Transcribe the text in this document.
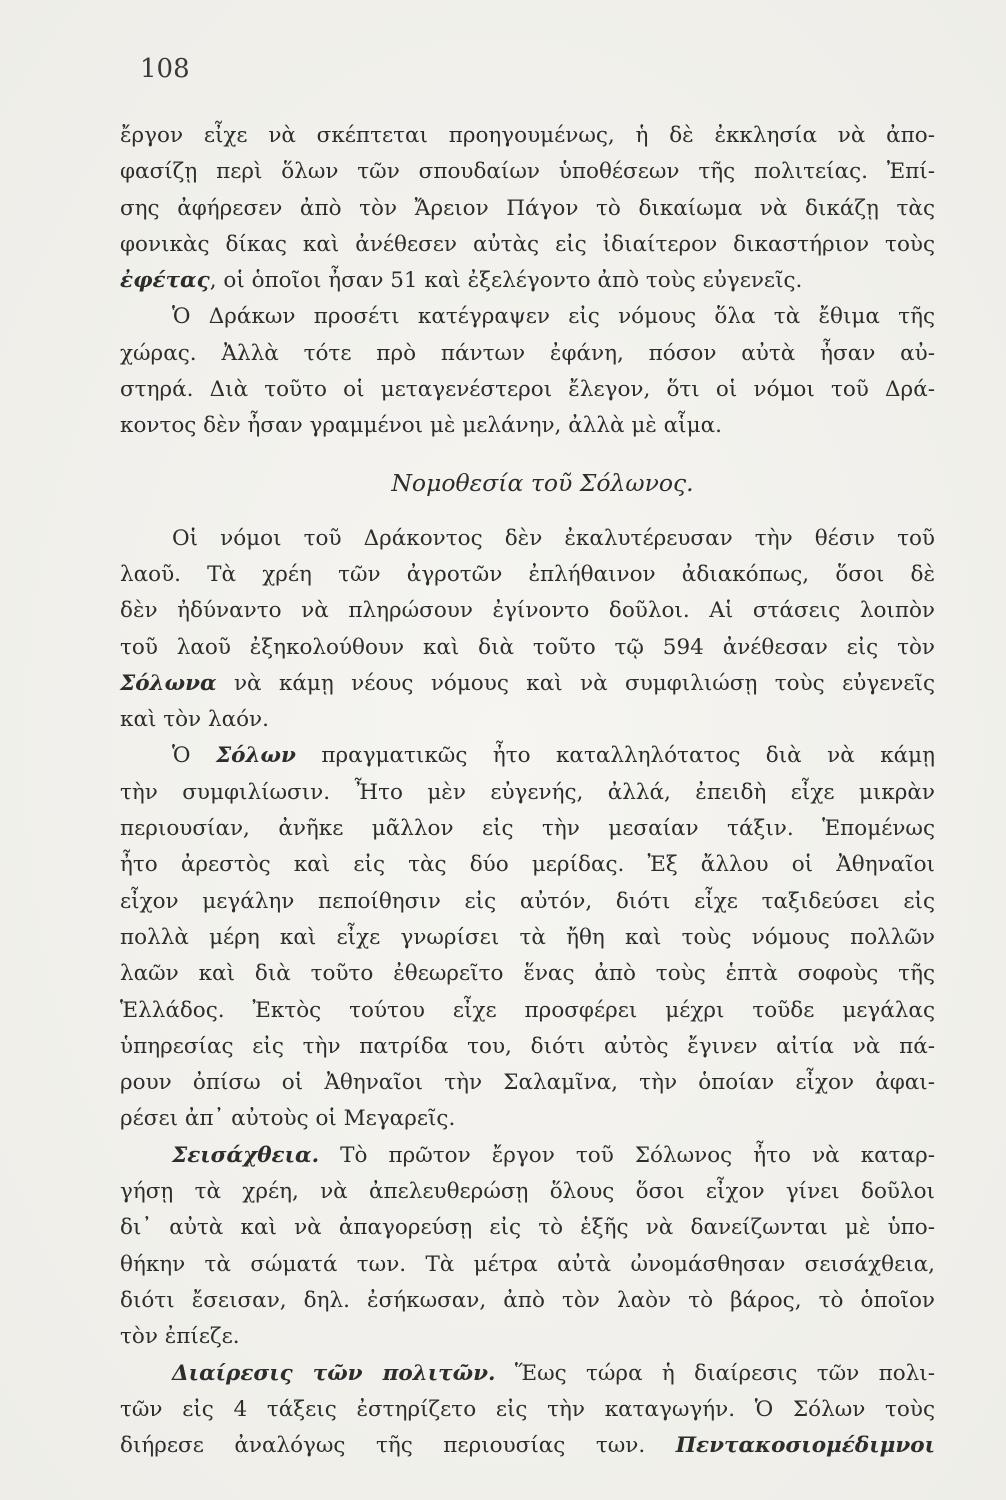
108
ἔργον εἶχε νὰ σκέπτεται προηγουμένως, ἡ δὲ ἐκκλησία νὰ ἀπο-
φασίζῃ περὶ ὅλων τῶν σπουδαίων ὑποθέσεων τῆς πολιτείας. Ἐπί-
σης ἀφήρεσεν ἀπὸ τὸν Ἄρειον Πάγον τὸ δικαίωμα νὰ δικάζῃ τὰς
φονικὰς δίκας καὶ ἀνέθεσεν αὐτὰς εἰς ἰδιαίτερον δικαστήριον τοὺς
ἐφέτας, οἱ ὁποῖοι ἦσαν 51 καὶ ἐξελέγοντο ἀπὸ τοὺς εὐγενεῖς.
Ὁ Δράκων προσέτι κατέγραψεν εἰς νόμους ὅλα τὰ ἔθιμα τῆς
χώρας. Ἀλλὰ τότε πρὸ πάντων ἐφάνη, πόσον αὐτὰ ἦσαν αὐ-
στηρά. Διὰ τοῦτο οἱ μεταγενέστεροι ἔλεγον, ὅτι οἱ νόμοι τοῦ Δρά-
κοντος δὲν ἦσαν γραμμένοι μὲ μελάνην, ἀλλὰ μὲ αἷμα.
Νομοθεσία τοῦ Σόλωνος.
Οἱ νόμοι τοῦ Δράκοντος δὲν ἐκαλυτέρευσαν τὴν θέσιν τοῦ
λαοῦ. Τὰ χρέη τῶν ἀγροτῶν ἐπλήθαινον ἀδιακόπως, ὅσοι δὲ
δὲν ἠδύναντο νὰ πληρώσουν ἐγίνοντο δοῦλοι. Αἱ στάσεις λοιπὸν
τοῦ λαοῦ ἐξηκολούθουν καὶ διὰ τοῦτο τῷ 594 ἀνέθεσαν εἰς τὸν
Σόλωνα νὰ κάμῃ νέους νόμους καὶ νὰ συμφιλιώσῃ τοὺς εὐγενεῖς
καὶ τὸν λαόν.
Ὁ Σόλων πραγματικῶς ἦτο καταλληλότατος διὰ νὰ κάμῃ
τὴν συμφιλίωσιν. Ἦτο μὲν εὐγενής, ἀλλά, ἐπειδὴ εἶχε μικρὰν
περιουσίαν, ἀνῆκε μᾶλλον εἰς τὴν μεσαίαν τάξιν. Ἑπομένως
ἦτο ἀρεστὸς καὶ εἰς τὰς δύο μερίδας. Ἐξ ἄλλου οἱ Ἀθηναῖοι
εἶχον μεγάλην πεποίθησιν εἰς αὐτόν, διότι εἶχε ταξιδεύσει εἰς
πολλὰ μέρη καὶ εἶχε γνωρίσει τὰ ἤθη καὶ τοὺς νόμους πολλῶν
λαῶν καὶ διὰ τοῦτο ἐθεωρεῖτο ἕνας ἀπὸ τοὺς ἑπτὰ σοφοὺς τῆς
Ἑλλάδος. Ἐκτὸς τούτου εἶχε προσφέρει μέχρι τοῦδε μεγάλας
ὑπηρεσίας εἰς τὴν πατρίδα του, διότι αὐτὸς ἔγινεν αἰτία νὰ πά-
ρουν ὀπίσω οἱ Ἀθηναῖοι τὴν Σαλαμῖνα, τὴν ὁποίαν εἶχον ἀφαι-
ρέσει ἀπ᾿ αὐτοὺς οἱ Μεγαρεῖς.
Σεισάχθεια. Τὸ πρῶτον ἔργον τοῦ Σόλωνος ἦτο νὰ καταρ-
γήσῃ τὰ χρέη, νὰ ἀπελευθερώσῃ ὅλους ὅσοι εἶχον γίνει δοῦλοι
δι᾿ αὐτὰ καὶ νὰ ἀπαγορεύσῃ εἰς τὸ ἑξῆς νὰ δανείζωνται μὲ ὑπο-
θήκην τὰ σώματά των. Τὰ μέτρα αὐτὰ ὠνομάσθησαν σεισάχθεια,
διότι ἔσεισαν, δηλ. ἐσήκωσαν, ἀπὸ τὸν λαὸν τὸ βάρος, τὸ ὁποῖον
τὸν ἐπίεζε.
Διαίρεσις τῶν πολιτῶν. Ἕως τώρα ἡ διαίρεσις τῶν πολι-
τῶν εἰς 4 τάξεις ἐστηρίζετο εἰς τὴν καταγωγήν. Ὁ Σόλων τοὺς
διήρεσε ἀναλόγως τῆς περιουσίας των. Πεντακοσιομέδιμνοι
